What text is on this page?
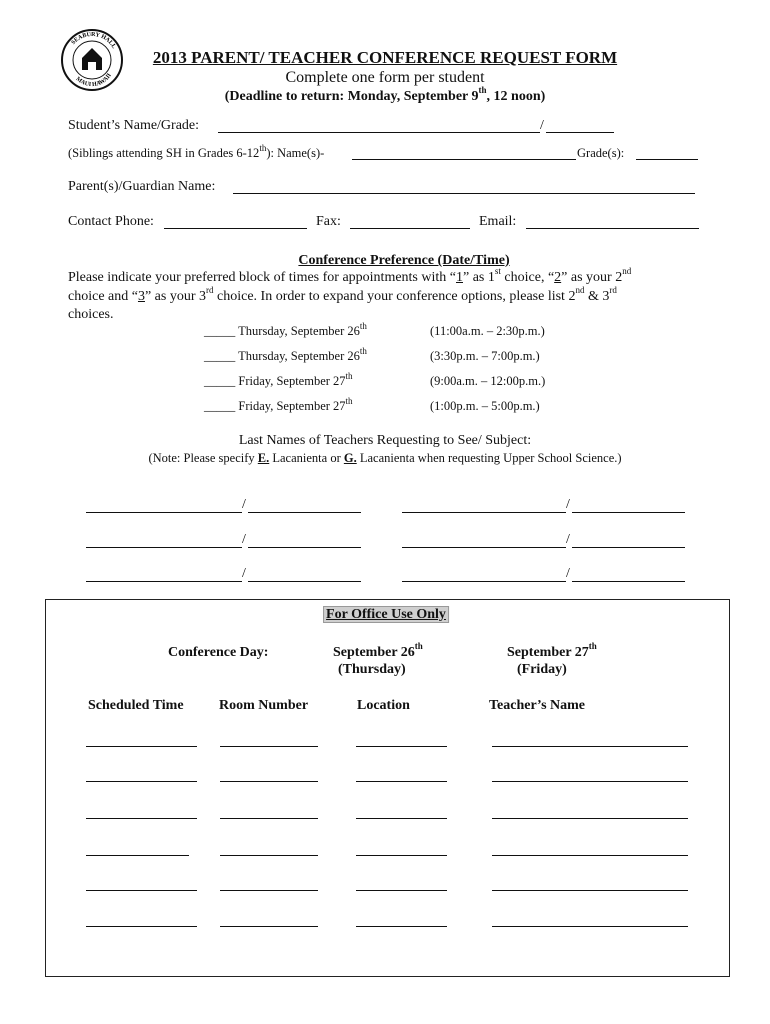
SEABURY HALL
MAUI HAWAII
2013 PARENT/ TEACHER CONFERENCE REQUEST FORM
Complete one form per student
(Deadline to return: Monday, September 9th, 12 noon)
Student’s Name/Grade:	/
(Siblings attending SH in Grades 6-12th): Name(s)-	Grade(s):
Parent(s)/Guardian Name:
Contact Phone:	Fax:	Email:
Conference Preference (Date/Time)
Please indicate your preferred block of times for appointments with “1” as 1st choice, “2” as your 2nd
choice and “3” as your 3rd choice. In order to expand your conference options, please list 2nd & 3rd
choices.
_____ Thursday, September 26th	(11:00a.m. – 2:30p.m.)
_____ Thursday, September 26th	(3:30p.m. – 7:00p.m.)
_____ Friday, September 27th	(9:00a.m. – 12:00p.m.)
_____ Friday, September 27th	(1:00p.m. – 5:00p.m.)
Last Names of Teachers Requesting to See/ Subject:
(Note: Please specify E. Lacanienta or G. Lacanienta when requesting Upper School Science.)
/	/
/	/
/	/
For Office Use Only
Conference Day:	September 26th
(Thursday)
September 27th
(Friday)
Scheduled Time	Room Number	Location	Teacher’s Name
